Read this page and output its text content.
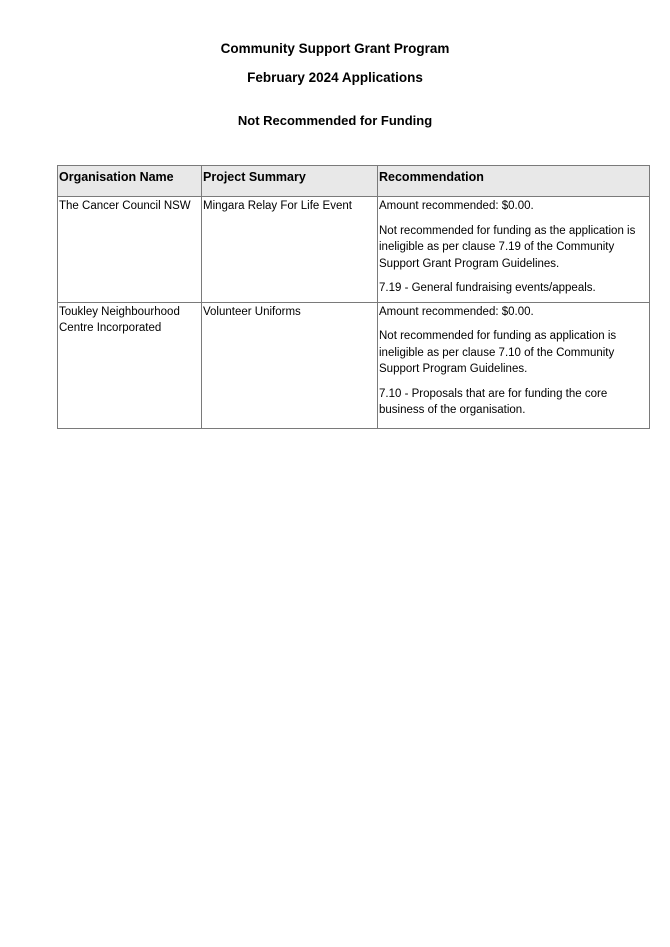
Community Support Grant Program
February 2024 Applications
Not Recommended for Funding
Organisation Name	Project Summary	Recommendation
The Cancer Council NSW	Mingara Relay For Life Event	Amount recommended: $0.00.

Not recommended for funding as the application is ineligible as per clause 7.19 of the Community Support Grant Program Guidelines.

7.19 - General fundraising events/appeals.

Toukley Neighbourhood Centre Incorporated	Volunteer Uniforms	Amount recommended: $0.00.

Not recommended for funding as application is ineligible as per clause 7.10 of the Community Support Program Guidelines.

7.10 - Proposals that are for funding the core business of the organisation.
